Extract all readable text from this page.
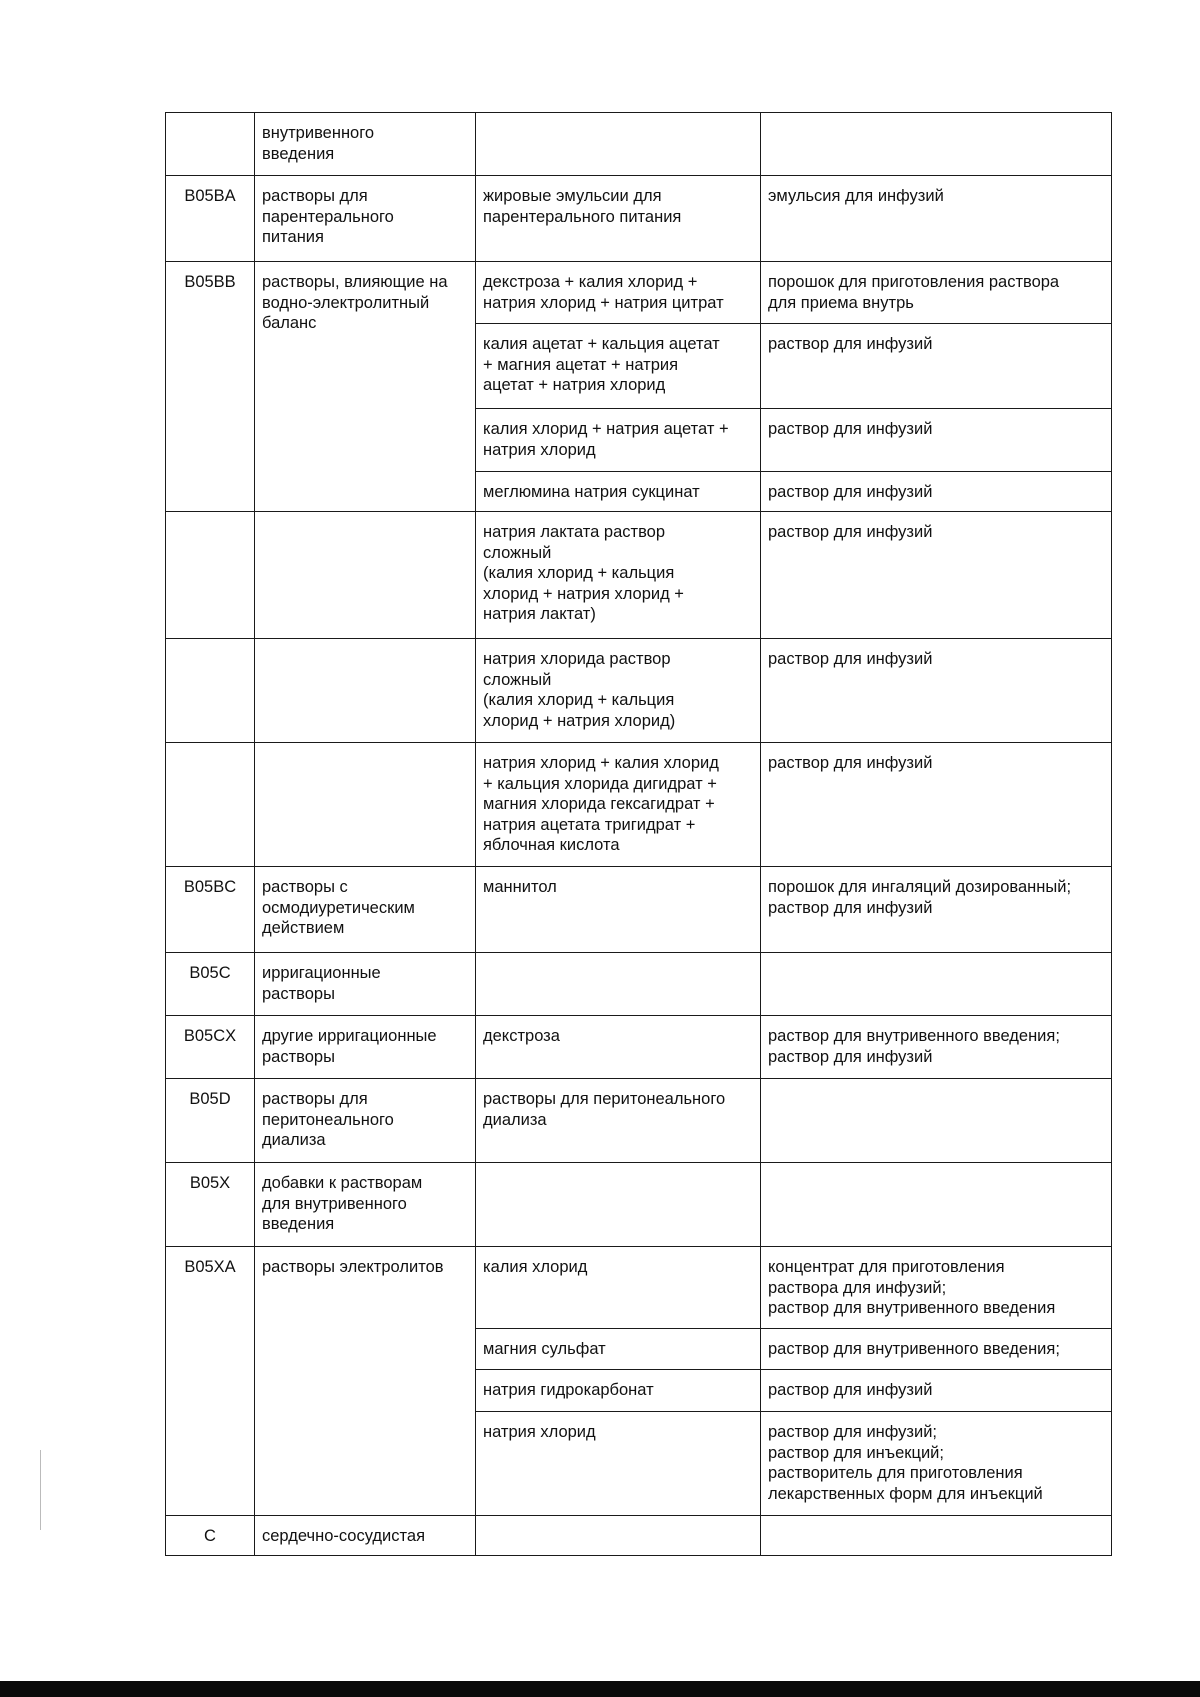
	внутривенного
введения		
B05BA	растворы для
парентерального
питания	жировые эмульсии для
парентерального питания	эмульсия для инфузий
B05BB	растворы, влияющие на
водно-электролитный
баланс	декстроза + калия хлорид +
натрия хлорид + натрия цитрат	порошок для приготовления раствора
для приема внутрь
		калия ацетат + кальция ацетат
+ магния ацетат + натрия
ацетат + натрия хлорид	раствор для инфузий
		калия хлорид + натрия ацетат +
натрия хлорид	раствор для инфузий
		меглюмина натрия сукцинат	раствор для инфузий
		натрия лактата раствор
сложный
(калия хлорид + кальция
хлорид + натрия хлорид +
натрия лактат)	раствор для инфузий
		натрия хлорида раствор
сложный
(калия хлорид + кальция
хлорид + натрия хлорид)	раствор для инфузий
		натрия хлорид + калия хлорид
+ кальция хлорида дигидрат +
магния хлорида гексагидрат +
натрия ацетата тригидрат +
яблочная кислота	раствор для инфузий
B05BC	растворы с
осмодиуретическим
действием	маннитол	порошок для ингаляций дозированный;
раствор для инфузий
B05C	ирригационные
растворы		
B05CX	другие ирригационные
растворы	декстроза	раствор для внутривенного введения;
раствор для инфузий
B05D	растворы для
перитонеального
диализа	растворы для перитонеального
диализа	
B05X	добавки к растворам
для внутривенного
введения		
B05XA	растворы электролитов	калия хлорид	концентрат для приготовления
раствора для инфузий;
раствор для внутривенного введения
		магния сульфат	раствор для внутривенного введения;
		натрия гидрокарбонат	раствор для инфузий
		натрия хлорид	раствор для инфузий;
раствор для инъекций;
растворитель для приготовления
лекарственных форм для инъекций
C	сердечно-сосудистая		
